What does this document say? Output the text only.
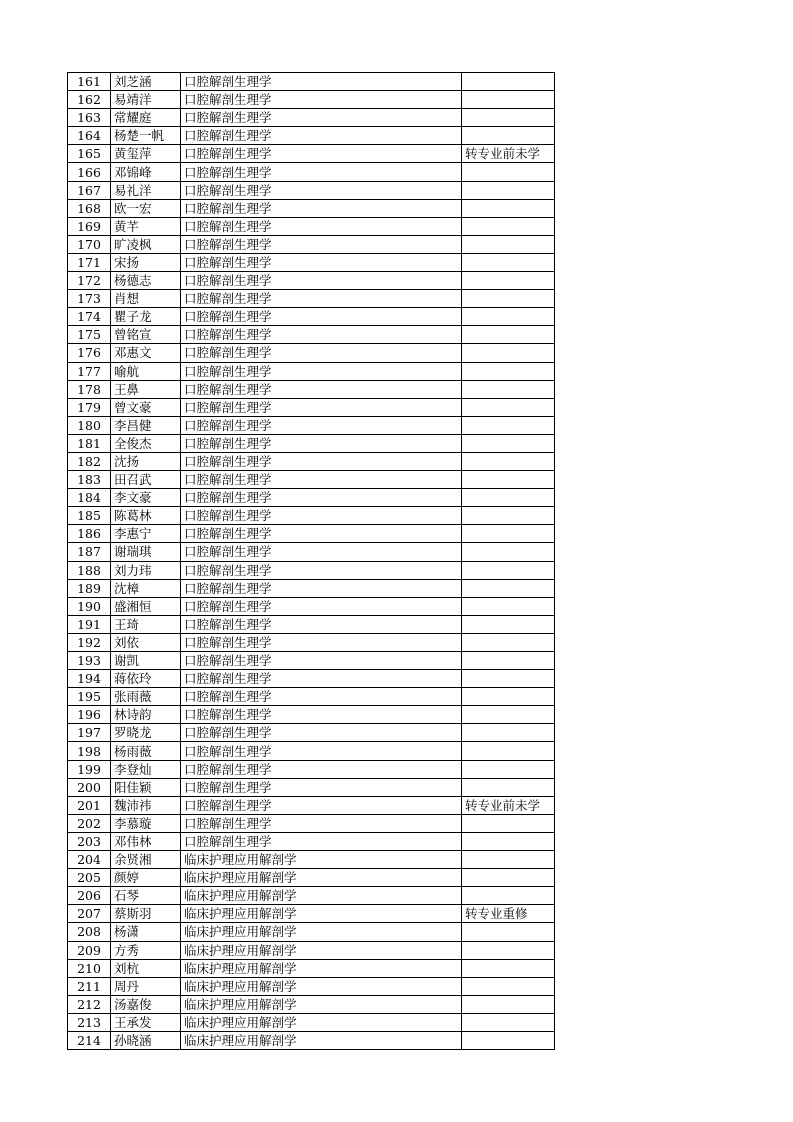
161	刘芝涵	口腔解剖生理学	
162	易靖洋	口腔解剖生理学	
163	常耀庭	口腔解剖生理学	
164	杨楚一帆	口腔解剖生理学	
165	黄玺萍	口腔解剖生理学	转专业前未学
166	邓锦峰	口腔解剖生理学	
167	易礼洋	口腔解剖生理学	
168	欧一宏	口腔解剖生理学	
169	黄芊	口腔解剖生理学	
170	旷凌枫	口腔解剖生理学	
171	宋扬	口腔解剖生理学	
172	杨德志	口腔解剖生理学	
173	肖想	口腔解剖生理学	
174	瞿子龙	口腔解剖生理学	
175	曾铭宣	口腔解剖生理学	
176	邓惠文	口腔解剖生理学	
177	喻航	口腔解剖生理学	
178	王鼻	口腔解剖生理学	
179	曾文豪	口腔解剖生理学	
180	李昌健	口腔解剖生理学	
181	全俊杰	口腔解剖生理学	
182	沈扬	口腔解剖生理学	
183	田召武	口腔解剖生理学	
184	李文豪	口腔解剖生理学	
185	陈葛林	口腔解剖生理学	
186	李惠宁	口腔解剖生理学	
187	谢瑞琪	口腔解剖生理学	
188	刘力玮	口腔解剖生理学	
189	沈樟	口腔解剖生理学	
190	盛湘恒	口腔解剖生理学	
191	王琦	口腔解剖生理学	
192	刘依	口腔解剖生理学	
193	谢凯	口腔解剖生理学	
194	蒋依玲	口腔解剖生理学	
195	张雨薇	口腔解剖生理学	
196	林诗韵	口腔解剖生理学	
197	罗晓龙	口腔解剖生理学	
198	杨雨薇	口腔解剖生理学	
199	李登灿	口腔解剖生理学	
200	阳佳颖	口腔解剖生理学	
201	魏沛祎	口腔解剖生理学	转专业前未学
202	李慕璇	口腔解剖生理学	
203	邓伟林	口腔解剖生理学	
204	余贤湘	临床护理应用解剖学	
205	颜婷	临床护理应用解剖学	
206	石琴	临床护理应用解剖学	
207	蔡斯羽	临床护理应用解剖学	转专业重修
208	杨潇	临床护理应用解剖学	
209	方秀	临床护理应用解剖学	
210	刘杭	临床护理应用解剖学	
211	周丹	临床护理应用解剖学	
212	汤嘉俊	临床护理应用解剖学	
213	王承发	临床护理应用解剖学	
214	孙晓涵	临床护理应用解剖学	
